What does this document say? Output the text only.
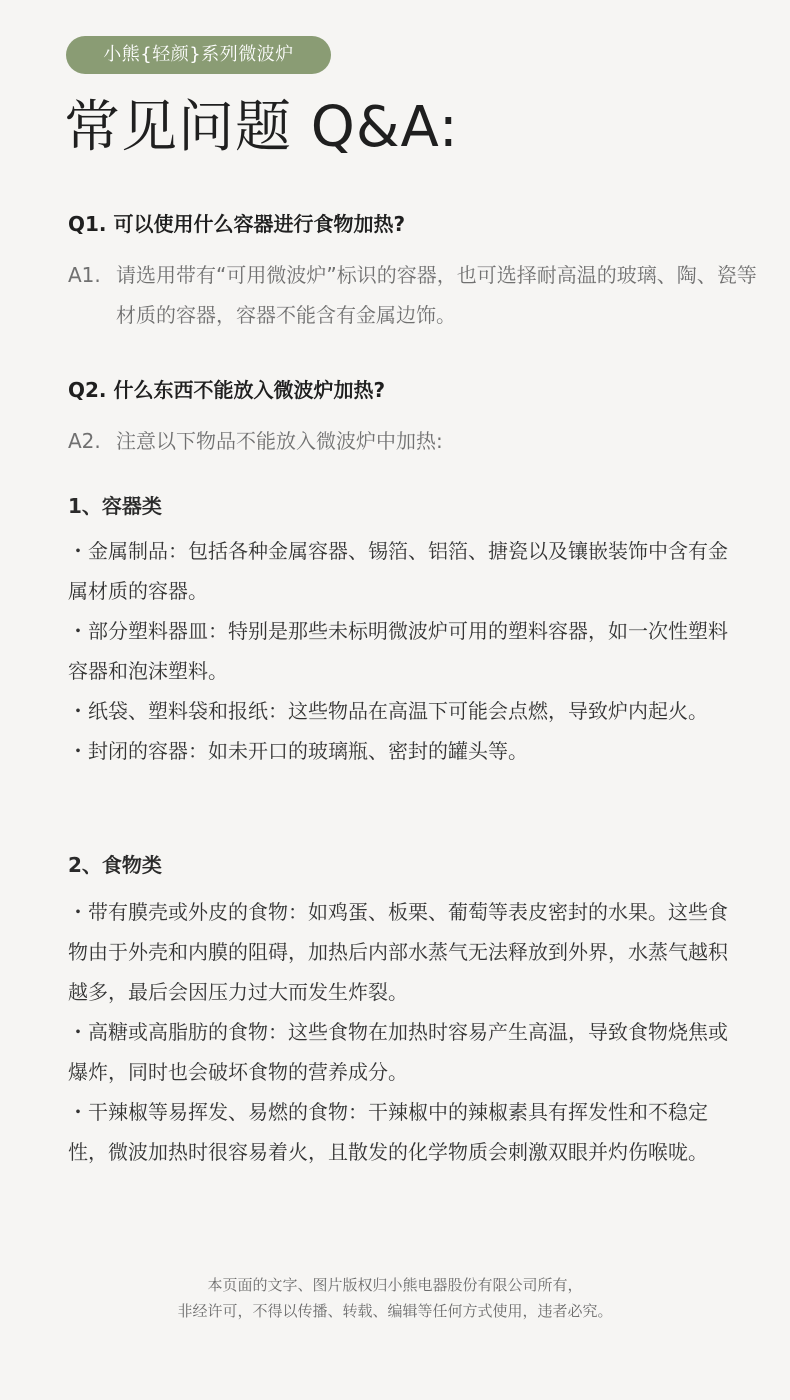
小熊{轻颜}系列微波炉
常见问题 Q&A:
Q1. 可以使用什么容器进行食物加热?
A1. 请选用带有“可用微波炉”标识的容器，也可选择耐高温的玻璃、陶、瓷等材质的容器，容器不能含有金属边饰。
Q2. 什么东西不能放入微波炉加热?
A2. 注意以下物品不能放入微波炉中加热:
1、容器类
・金属制品：包括各种金属容器、锡箔、铝箔、搪瓷以及镶嵌装饰中含有金属材质的容器。
・部分塑料器皿：特别是那些未标明微波炉可用的塑料容器，如一次性塑料容器和泡沫塑料。
・纸袋、塑料袋和报纸：这些物品在高温下可能会点燃，导致炉内起火。
・封闭的容器：如未开口的玻璃瓶、密封的罐头等。
2、食物类
・带有膜壳或外皮的食物：如鸡蛋、板栗、葡萄等表皮密封的水果。这些食物由于外壳和内膜的阻碍，加热后内部水蒸气无法释放到外界，水蒸气越积越多，最后会因压力过大而发生炸裂。
・高糖或高脂肪的食物：这些食物在加热时容易产生高温，导致食物烧焦或爆炸，同时也会破坏食物的营养成分。
・干辣椒等易挥发、易燃的食物：干辣椒中的辣椒素具有挥发性和不稳定性，微波加热时很容易着火，且散发的化学物质会刺激双眼并灼伤喉咙。
本页面的文字、图片版权归小熊电器股份有限公司所有，
非经许可，不得以传播、转载、编辑等任何方式使用，违者必究。
